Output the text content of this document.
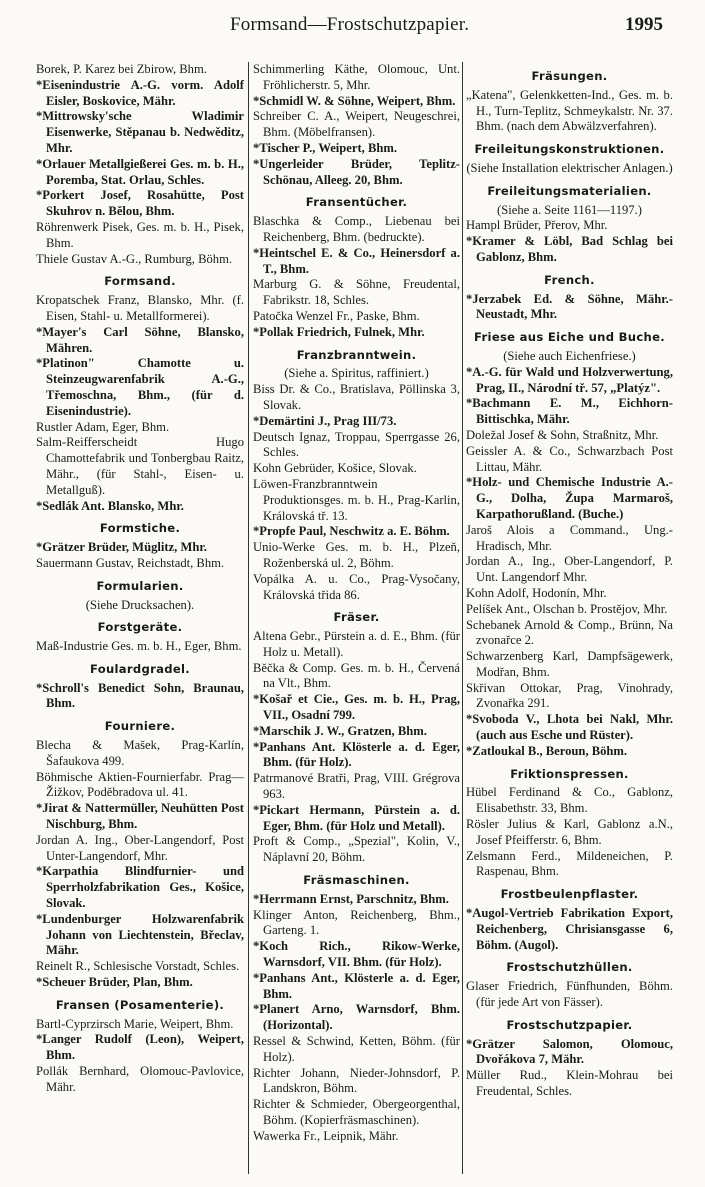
Formsand—Frostschutzpapier.	1995

Borek, P. Karez bei Zbirow, Bhm.

*Eisenindustrie A.-G. vorm. Adolf Eisler, Boskovice, Mähr.

*Mittrowsky'sche Wladimir Eisenwerke, Stěpanau b. Nedwěditz, Mhr.

*Orlauer Metallgießerei Ges. m. b. H., Poremba, Stat. Orlau, Schles.

*Porkert Josef, Rosahütte, Post Skuhrov n. Bělou, Bhm.

Röhrenwerk Pisek, Ges. m. b. H., Pisek, Bhm.

Thiele Gustav A.-G., Rumburg, Böhm.

Formsand.

Kropatschek Franz, Blansko, Mhr. (f. Eisen, Stahl- u. Metallformerei).

*Mayer's Carl Söhne, Blansko, Mähren.

*Platinon" Chamotte u. Steinzeugwarenfabrik A.-G., Třemoschna, Bhm., (für d. Eisenindustrie).

Rustler Adam, Eger, Bhm.

Salm-Reifferscheidt Hugo Chamottefabrik und Tonbergbau Raitz, Mähr., (für Stahl-, Eisen- u. Metallguß).

*Sedlák Ant. Blansko, Mhr.

Formstiche.

*Grätzer Brüder, Müglitz, Mhr.

Sauermann Gustav, Reichstadt, Bhm.

Formularien.

(Siehe Drucksachen).

Forstgeräte.

Maß-Industrie Ges. m. b. H., Eger, Bhm.

Foulardgradel.

*Schroll's Benedict Sohn, Braunau, Bhm.

Fourniere.

Blecha & Mašek, Prag-Karlín, Šafaukova 499.

Böhmische Aktien-Fournierfabr. Prag—Žižkov, Poděbradova ul. 41.

*Jirat & Nattermüller, Neuhütten Post Nischburg, Bhm.

Jordan A. Ing., Ober-Langendorf, Post Unter-Langendorf, Mhr.

*Karpathia Blindfurnier- und Sperrholzfabrikation Ges., Košice, Slovak.

*Lundenburger Holzwarenfabrik Johann von Liechtenstein, Břeclav, Mähr.

Reinelt R., Schlesische Vorstadt, Schles.

*Scheuer Brüder, Plan, Bhm.

Fransen (Posamenterie).

Bartl-Cyprzirsch Marie, Weipert, Bhm.

*Langer Rudolf (Leon), Weipert, Bhm.

Pollák Bernhard, Olomouc-Pavlovice, Mähr.

Schimmerling Käthe, Olomouc, Unt. Fröhlicherstr. 5, Mhr.

*Schmidl W. & Söhne, Weipert, Bhm.

Schreiber C. A., Weipert, Neugeschrei, Bhm. (Möbelfransen).

*Tischer P., Weipert, Bhm.

*Ungerleider Brüder, Teplitz-Schönau, Alleeg. 20, Bhm.

Fransentücher.

Blaschka & Comp., Liebenau bei Reichenberg, Bhm. (bedruckte).

*Heintschel E. & Co., Heinersdorf a. T., Bhm.

Marburg G. & Söhne, Freudental, Fabrikstr. 18, Schles.

Patočka Wenzel Fr., Paske, Bhm.

*Pollak Friedrich, Fulnek, Mhr.

Franzbranntwein.

(Siehe a. Spiritus, raffiniert.)

Biss Dr. & Co., Bratislava, Pöllinska 3, Slovak.

*Demärtini J., Prag III/73.

Deutsch Ignaz, Troppau, Sperrgasse 26, Schles.

Kohn Gebrüder, Košice, Slovak.

Löwen-Franzbranntwein Produktionsges. m. b. H., Prag-Karlin, Královská tř. 13.

*Propfe Paul, Neschwitz a. E. Böhm.

Unio-Werke Ges. m. b. H., Plzeň, Roženberská ul. 2, Böhm.

Vopálka A. u. Co., Prag-Vysočany, Královská třida 86.

Fräser.

Altena Gebr., Pürstein a. d. E., Bhm. (für Holz u. Metall).

Běčka & Comp. Ges. m. b. H., Červená na Vlt., Bhm.

*Košař et Cie., Ges. m. b. H., Prag, VII., Osadní 799.

*Marschik J. W., Gratzen, Bhm.

*Panhans Ant. Klösterle a. d. Eger, Bhm. (für Holz).

Patrmanové Bratři, Prag, VIII. Grégrova 963.

*Pickart Hermann, Pürstein a. d. Eger, Bhm. (für Holz und Metall).

Proft & Comp., „Spezial", Kolin, V., Náplavní 20, Böhm.

Fräsmaschinen.

*Herrmann Ernst, Parschnitz, Bhm.

Klinger Anton, Reichenberg, Bhm., Garteng. 1.

*Koch Rich., Rikow-Werke, Warnsdorf, VII. Bhm. (für Holz).

*Panhans Ant., Klösterle a. d. Eger, Bhm.

*Planert Arno, Warnsdorf, Bhm. (Horizontal).

Ressel & Schwind, Ketten, Böhm. (für Holz).

Richter Johann, Nieder-Johnsdorf, P. Landskron, Böhm.

Richter & Schmieder, Obergeorgenthal, Böhm. (Kopierfräsmaschinen).

Wawerka Fr., Leipnik, Mähr.

Fräsungen.

„Katena", Gelenkketten-Ind., Ges. m. b. H., Turn-Teplitz, Schmeykalstr. Nr. 37. Bhm. (nach dem Abwälzverfahren).

Freileitungskonstruktionen.

(Siehe Installation elektrischer Anlagen.)

Freileitungsmaterialien.

(Siehe a. Seite 1161—1197.)

Hampl Brüder, Přerov, Mhr.

*Kramer & Löbl, Bad Schlag bei Gablonz, Bhm.

French.

*Jerzabek Ed. & Söhne, Mähr.-Neustadt, Mhr.

Friese aus Eiche und Buche.

(Siehe auch Eichenfriese.)

*A.-G. für Wald und Holzverwertung, Prag, II., Národní tř. 57, „Platýz".

*Bachmann E. M., Eichhorn-Bittischka, Mähr.

Doležal Josef & Sohn, Straßnitz, Mhr.

Geissler A. & Co., Schwarzbach Post Littau, Mähr.

*Holz- und Chemische Industrie A.-G., Dolha, Župa Marmaroš, Karpathorußland. (Buche.)

Jaroš Alois a Command., Ung.-Hradisch, Mhr.

Jordan A., Ing., Ober-Langendorf, P. Unt. Langendorf Mhr.

Kohn Adolf, Hodonín, Mhr.

Pelíšek Ant., Olschan b. Prostějov, Mhr.

Schebanek Arnold & Comp., Brünn, Na zvonařce 2.

Schwarzenberg Karl, Dampfsägewerk, Modřan, Bhm.

Skřivan Ottokar, Prag, Vinohrady, Zvonařka 291.

*Svoboda V., Lhota bei Nakl, Mhr. (auch aus Esche und Rüster).

*Zatloukal B., Beroun, Böhm.

Friktionspressen.

Hübel Ferdinand & Co., Gablonz, Elisabethstr. 33, Bhm.

Rösler Julius & Karl, Gablonz a.N., Josef Pfeifferstr. 6, Bhm.

Zelsmann Ferd., Mildeneichen, P. Raspenau, Bhm.

Frostbeulenpflaster.

*Augol-Vertrieb Fabrikation Export, Reichenberg, Chrisiansgasse 6, Böhm. (Augol).

Frostschutzhüllen.

Glaser Friedrich, Fünfhunden, Böhm. (für jede Art von Fässer).

Frostschutzpapier.

*Grätzer Salomon, Olomouc, Dvořákova 7, Mähr.

Müller Rud., Klein-Mohrau bei Freudental, Schles.
